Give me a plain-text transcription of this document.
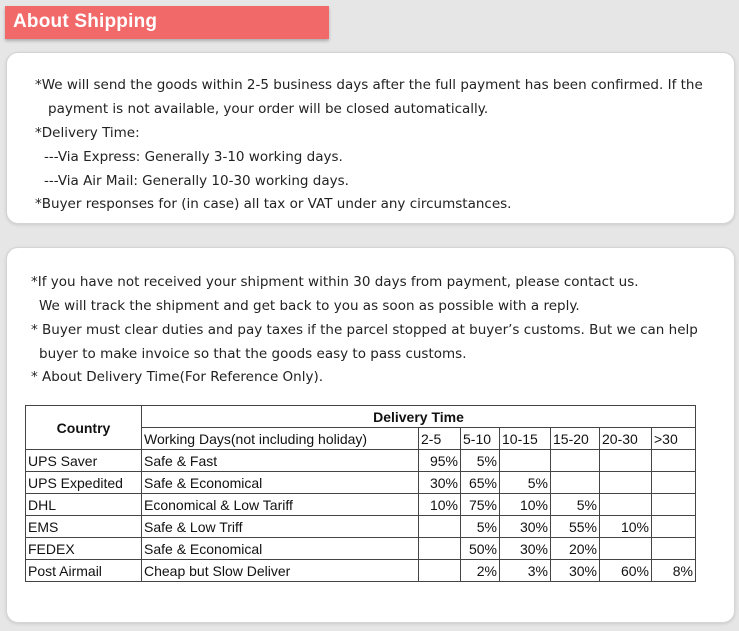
About Shipping
*We will send the goods within 2-5 business days after the full payment has been confirmed. If the
payment is not available, your order will be closed automatically.
*Delivery Time:
---Via Express: Generally 3-10 working days.
---Via Air Mail: Generally 10-30 working days.
*Buyer responses for (in case) all tax or VAT under any circumstances.
*If you have not received your shipment within 30 days from payment, please contact us.
We will track the shipment and get back to you as soon as possible with a reply.
* Buyer must clear duties and pay taxes if the parcel stopped at buyer’s customs. But we can help
buyer to make invoice so that the goods easy to pass customs.
* About Delivery Time(For Reference Only).
Country	Delivery Time						
	Working Days(not including holiday)	2-5	5-10	10-15	15-20	20-30	>30
UPS Saver	Safe & Fast	95%	5%				
UPS Expedited	Safe & Economical	30%	65%	5%			
DHL	Economical & Low Tariff	10%	75%	10%	5%		
EMS	Safe & Low Triff		5%	30%	55%	10%	
FEDEX	Safe & Economical		50%	30%	20%		
Post Airmail	Cheap but Slow Deliver		2%	3%	30%	60%	8%
